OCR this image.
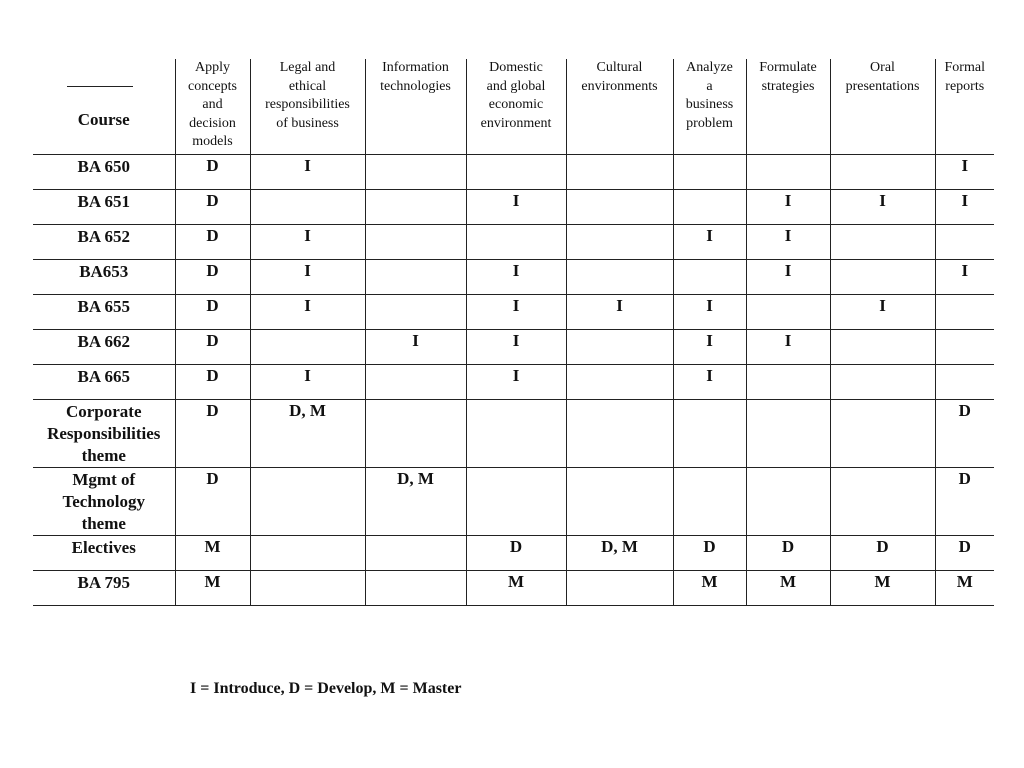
Course	Apply
concepts
and
decision
models	Legal and
ethical
responsibilities
of business	Information
technologies	Domestic
and global
economic
environment	Cultural
environments	Analyze
a
business
problem	Formulate
strategies	Oral
presentations	Formal
reports
BA 650	D	I							I
BA 651	D			I			I	I	I
BA 652	D	I				I	I		
BA653	D	I		I			I		I
BA 655	D	I		I	I	I		I	
BA 662	D		I	I		I	I		
BA 665	D	I		I		I			
Corporate
Responsibilities
theme	D	D, M							D
Mgmt of
Technology
theme	D		D, M						D
Electives	M			D	D, M	D	D	D	D
BA 795	M			M		M	M	M	M
I = Introduce, D = Develop, M = Master
